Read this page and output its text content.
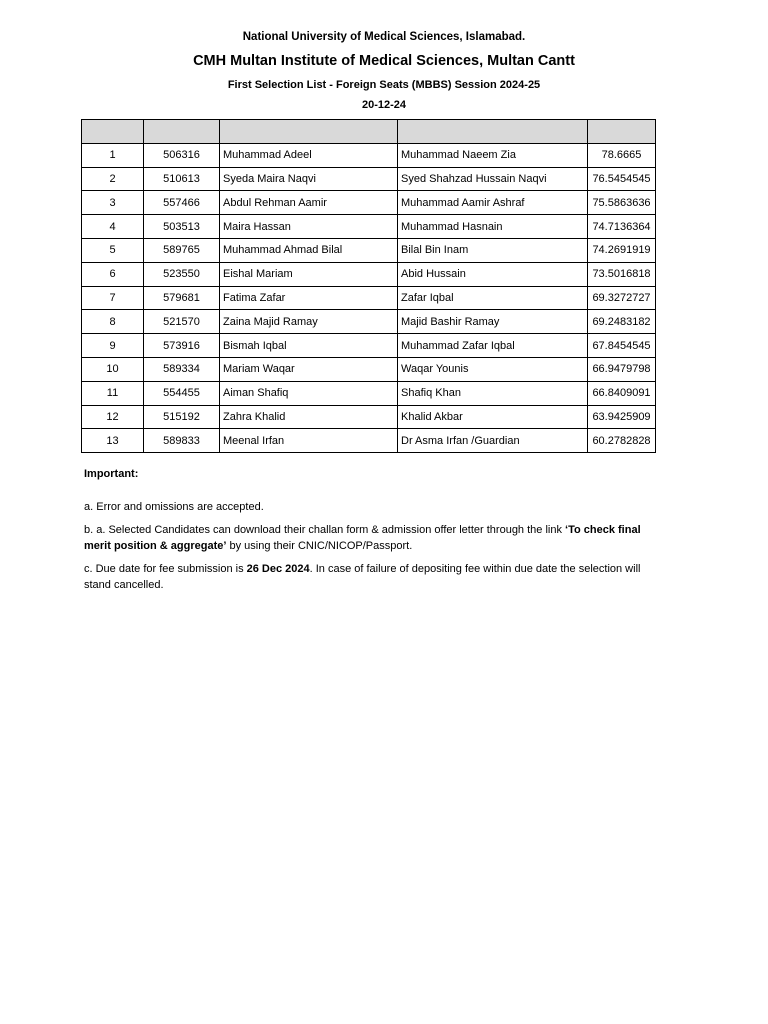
National University of Medical Sciences, Islamabad.
CMH Multan Institute of Medical Sciences, Multan Cantt
First Selection List - Foreign Seats (MBBS) Session 2024-25
20-12-24

1	506316	Muhammad Adeel	Muhammad Naeem Zia	78.6665
2	510613	Syeda Maira Naqvi	Syed Shahzad Hussain Naqvi	76.5454545
3	557466	Abdul Rehman Aamir	Muhammad Aamir Ashraf	75.5863636
4	503513	Maira Hassan	Muhammad Hasnain	74.7136364
5	589765	Muhammad Ahmad Bilal	Bilal Bin Inam	74.2691919
6	523550	Eishal Mariam	Abid Hussain	73.5016818
7	579681	Fatima Zafar	Zafar Iqbal	69.3272727
8	521570	Zaina Majid Ramay	Majid Bashir Ramay	69.2483182
9	573916	Bismah Iqbal	Muhammad Zafar Iqbal	67.8454545
10	589334	Mariam Waqar	Waqar Younis	66.9479798
11	554455	Aiman Shafiq	Shafiq Khan	66.8409091
12	515192	Zahra Khalid	Khalid Akbar	63.9425909
13	589833	Meenal Irfan	Dr Asma Irfan /Guardian	60.2782828

Important:

a. Error and omissions are accepted.

b. a. Selected Candidates can download their challan form & admission offer letter through the link ‘To check final merit position & aggregate’ by using their CNIC/NICOP/Passport.

c. Due date for fee submission is 26 Dec 2024. In case of failure of depositing fee within due date the selection will stand cancelled.
